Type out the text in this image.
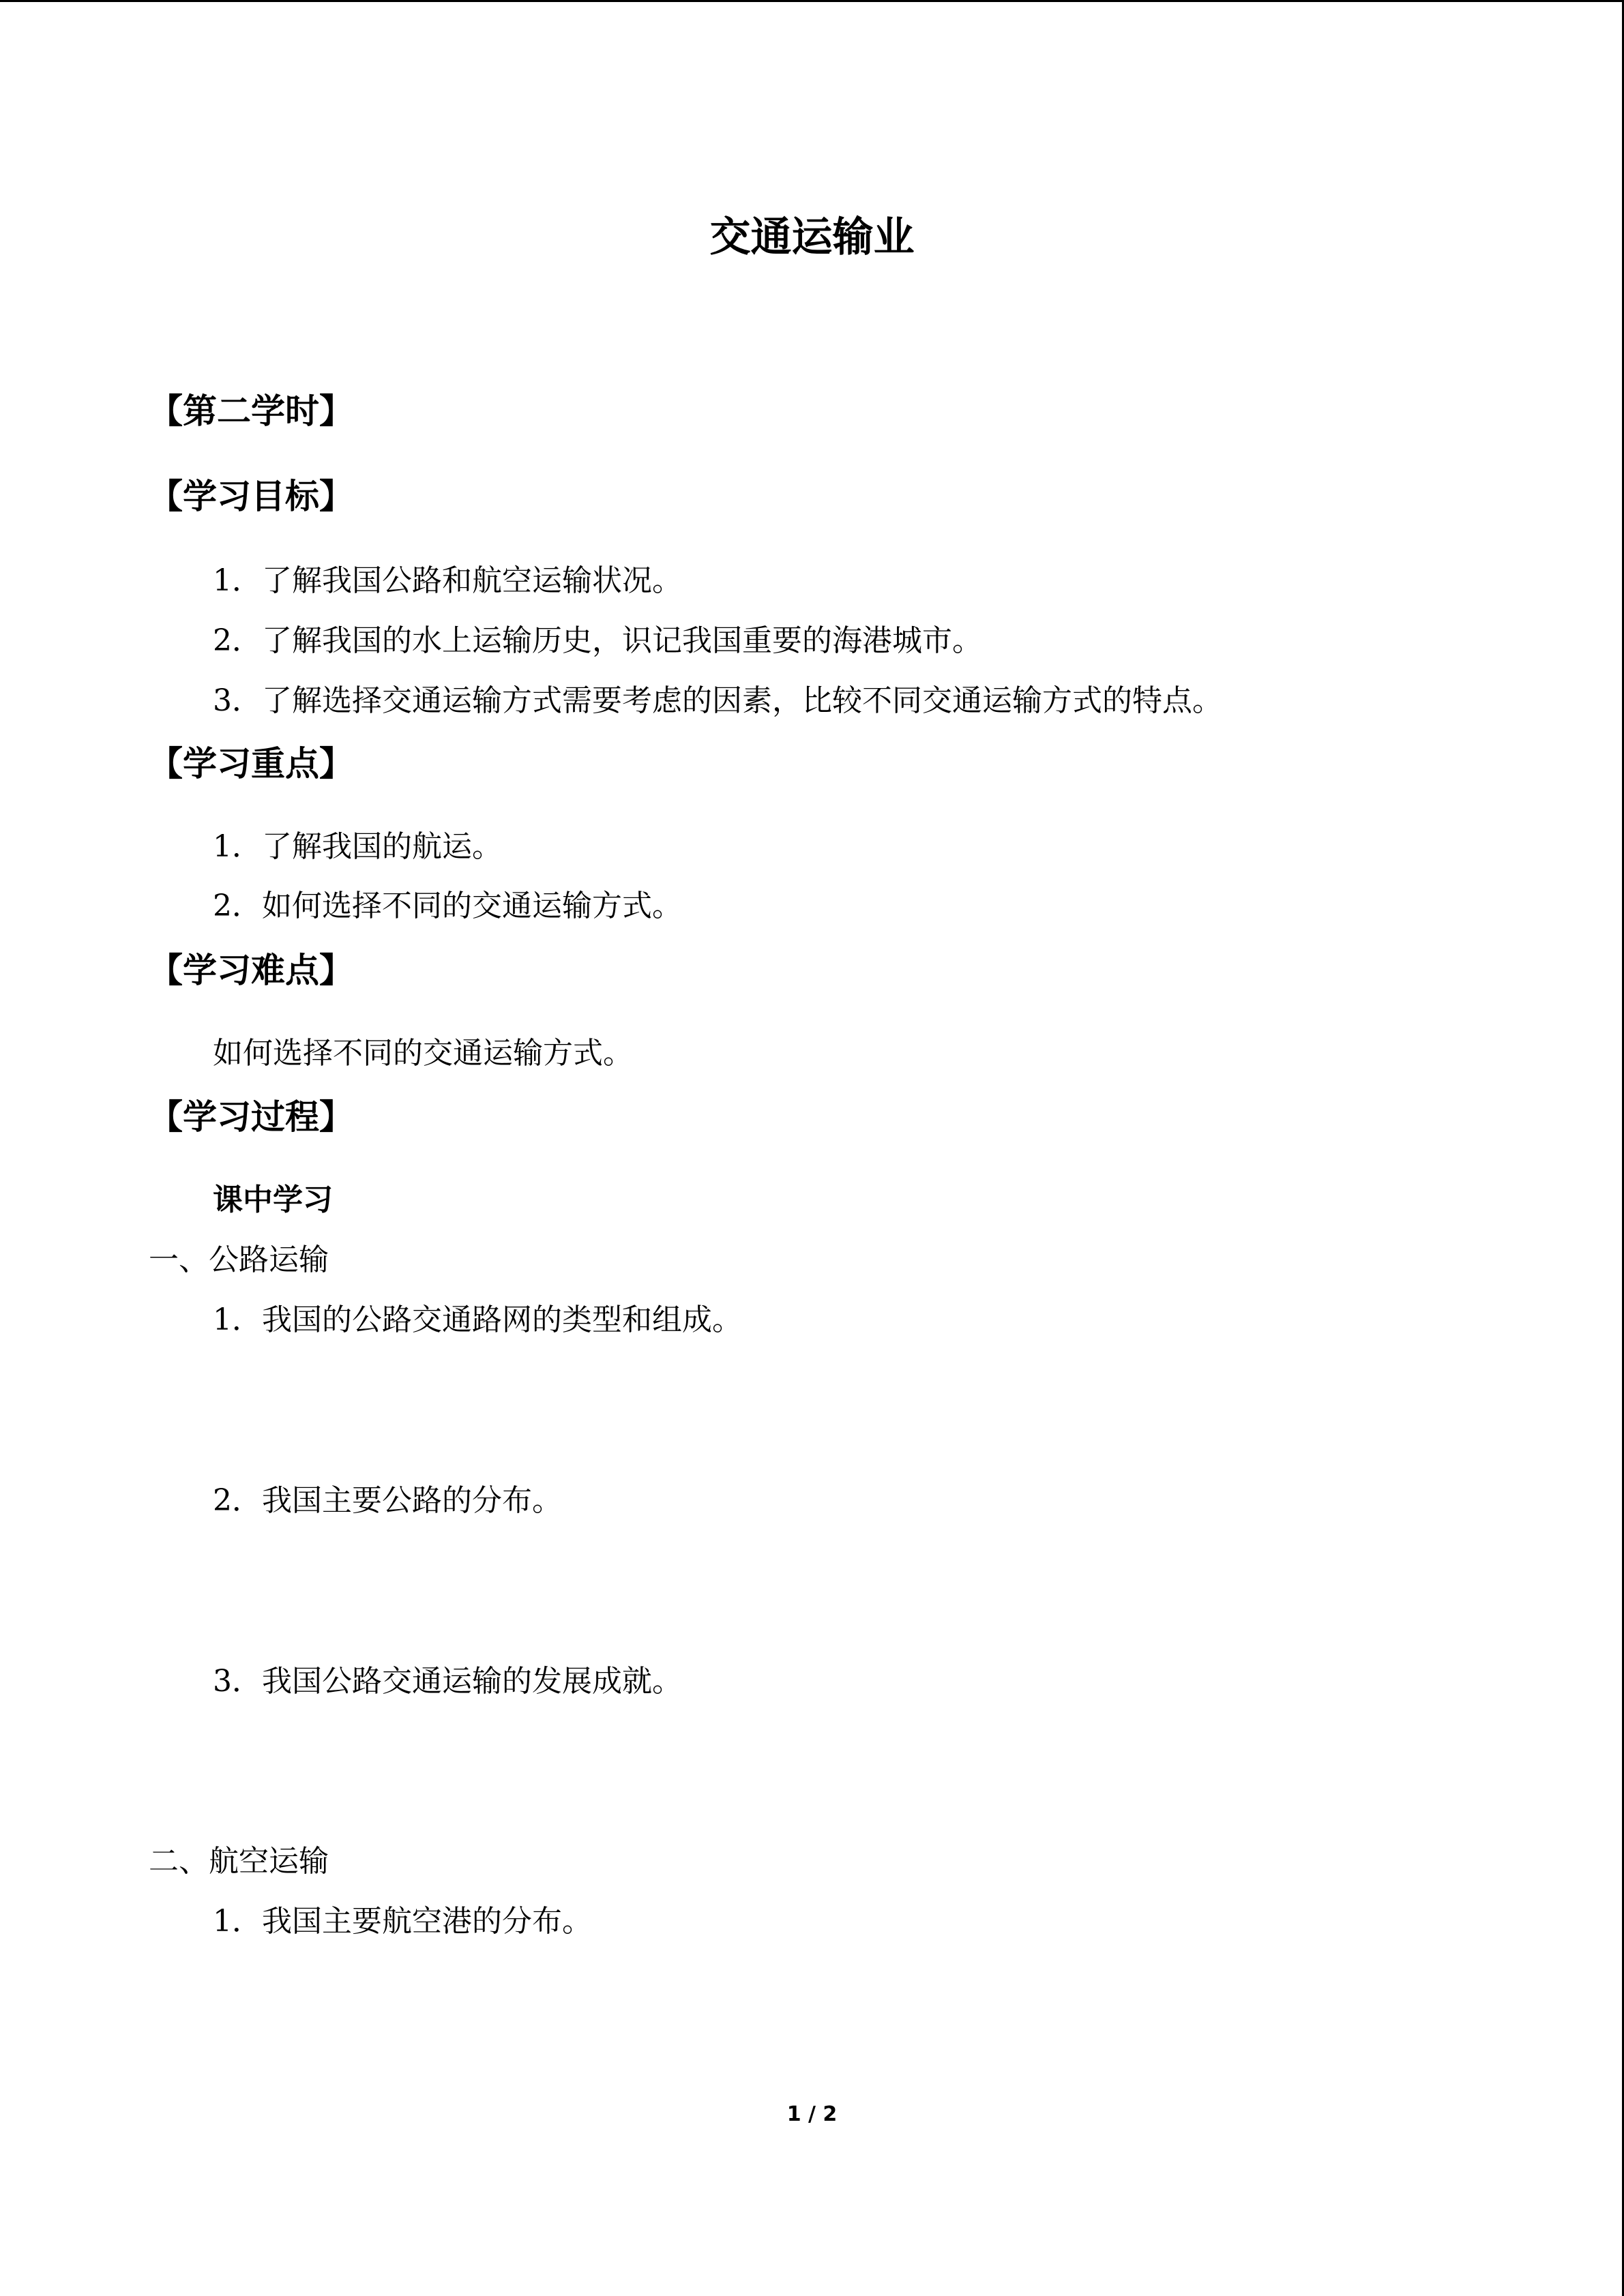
交通运输业
【第二学时】
【学习目标】
1．了解我国公路和航空运输状况。
2．了解我国的水上运输历史，识记我国重要的海港城市。
3．了解选择交通运输方式需要考虑的因素，比较不同交通运输方式的特点。
【学习重点】
1．了解我国的航运。
2．如何选择不同的交通运输方式。
【学习难点】
如何选择不同的交通运输方式。
【学习过程】
课中学习
一、公路运输
1．我国的公路交通路网的类型和组成。
2．我国主要公路的分布。
3．我国公路交通运输的发展成就。
二、航空运输
1．我国主要航空港的分布。
1 / 2
